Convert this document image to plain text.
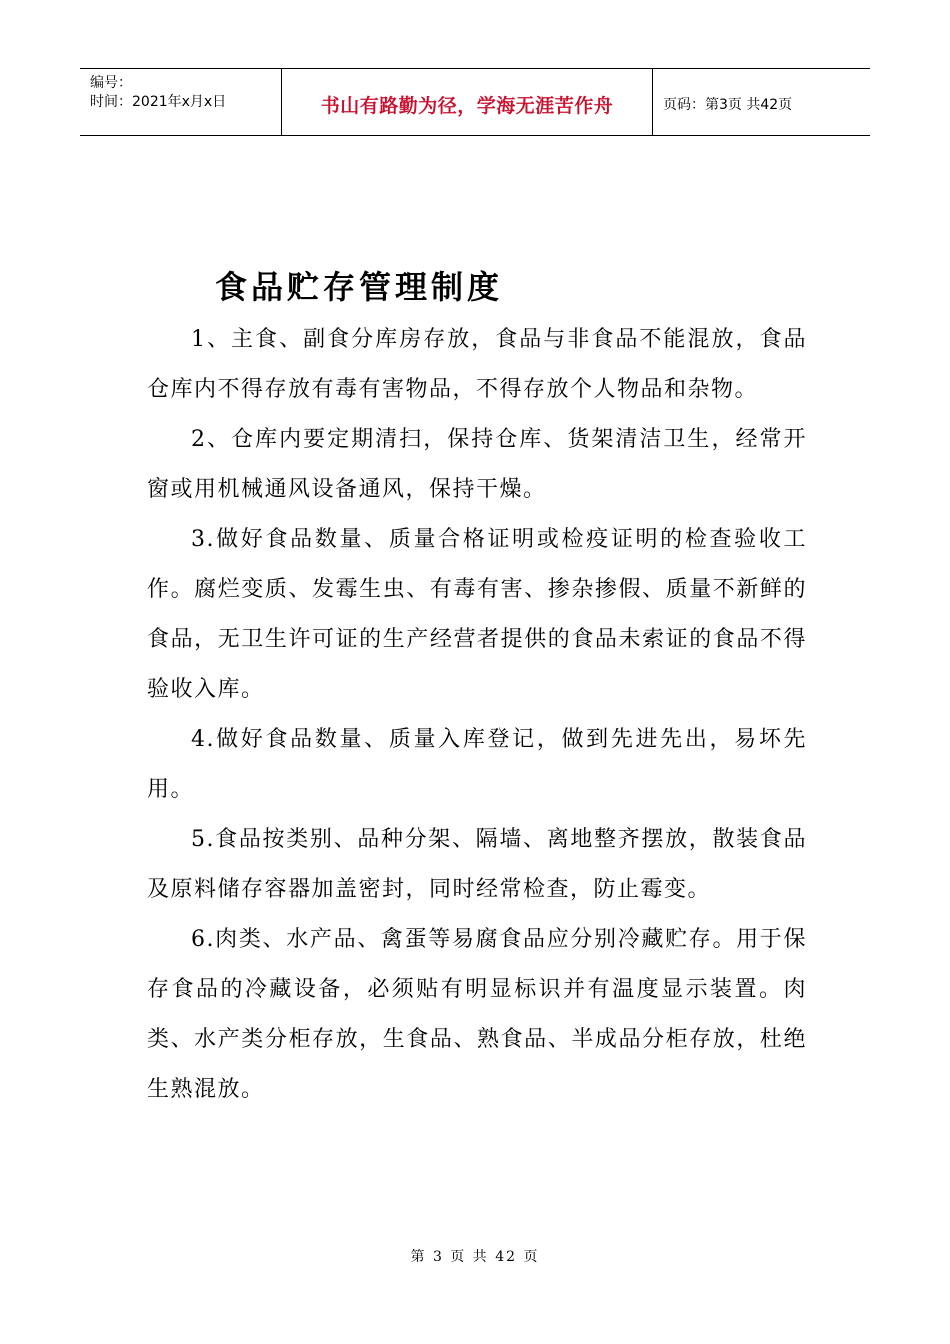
编号：
时间：2021年x月x日	书山有路勤为径，学海无涯苦作舟	页码：第3页 共42页
食品贮存管理制度

1、主食、副食分库房存放，食品与非食品不能混放，食品仓库内不得存放有毒有害物品，不得存放个人物品和杂物。

2、仓库内要定期清扫，保持仓库、货架清洁卫生，经常开窗或用机械通风设备通风，保持干燥。

3.做好食品数量、质量合格证明或检疫证明的检查验收工作。腐烂变质、发霉生虫、有毒有害、掺杂掺假、质量不新鲜的食品，无卫生许可证的生产经营者提供的食品未索证的食品不得验收入库。

4.做好食品数量、质量入库登记，做到先进先出，易坏先用。

5.食品按类别、品种分架、隔墙、离地整齐摆放，散装食品及原料储存容器加盖密封，同时经常检查，防止霉变。

6.肉类、水产品、禽蛋等易腐食品应分别冷藏贮存。用于保存食品的冷藏设备，必须贴有明显标识并有温度显示装置。肉类、水产类分柜存放，生食品、熟食品、半成品分柜存放，杜绝生熟混放。

第 3 页 共 42 页
